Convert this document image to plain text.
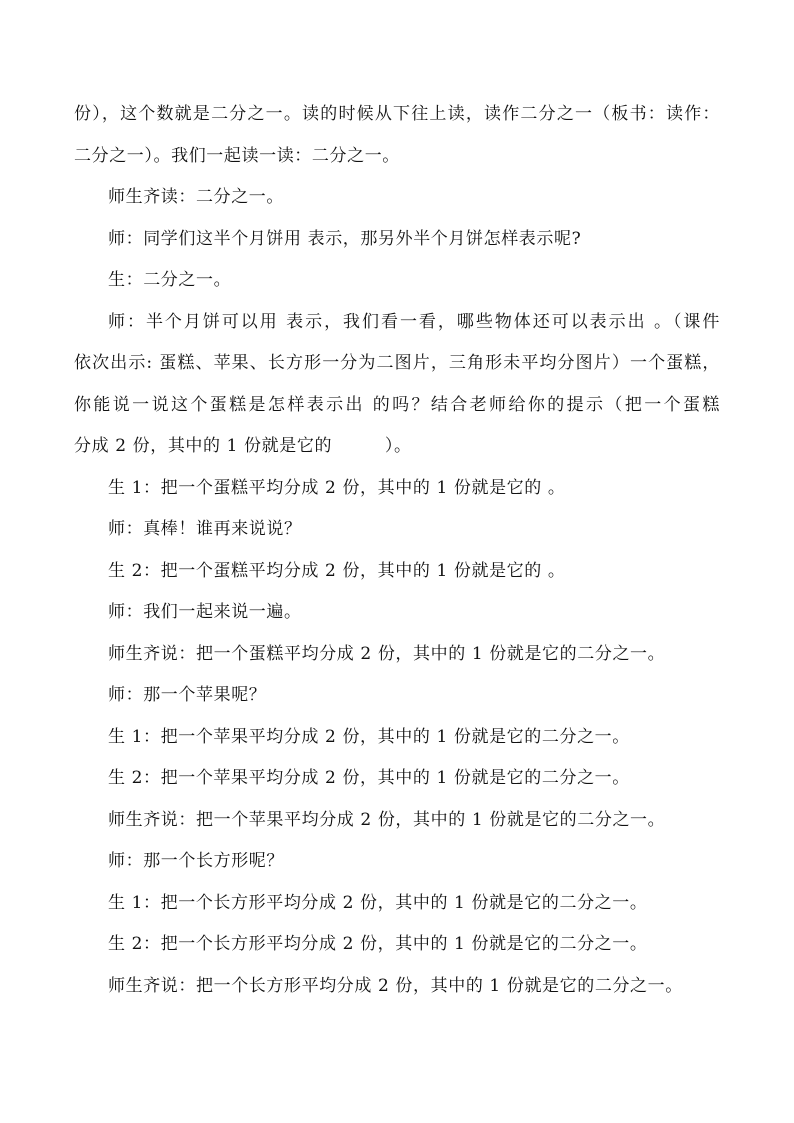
份），这个数就是二分之一。读的时候从下往上读，读作二分之一（板书：读作：
二分之一）。我们一起读一读：二分之一。
师生齐读：二分之一。
师：同学们这半个月饼用 表示，那另外半个月饼怎样表示呢?
生：二分之一。
师：半个月饼可以用 表示，我们看一看，哪些物体还可以表示出 。（课件
依次出示: 蛋糕、苹果、长方形一分为二图片，三角形未平均分图片）一个蛋糕，
你能说一说这个蛋糕是怎样表示出 的吗？结合老师给你的提示（把一个蛋糕
分成 2 份，其中的 1 份就是它的　　　）。
生 1：把一个蛋糕平均分成 2 份，其中的 1 份就是它的 。
师：真棒！谁再来说说？
生 2：把一个蛋糕平均分成 2 份，其中的 1 份就是它的 。
师：我们一起来说一遍。
师生齐说：把一个蛋糕平均分成 2 份，其中的 1 份就是它的二分之一。
师：那一个苹果呢？
生 1：把一个苹果平均分成 2 份，其中的 1 份就是它的二分之一。
生 2：把一个苹果平均分成 2 份，其中的 1 份就是它的二分之一。
师生齐说：把一个苹果平均分成 2 份，其中的 1 份就是它的二分之一。
师：那一个长方形呢？
生 1：把一个长方形平均分成 2 份，其中的 1 份就是它的二分之一。
生 2：把一个长方形平均分成 2 份，其中的 1 份就是它的二分之一。
师生齐说：把一个长方形平均分成 2 份，其中的 1 份就是它的二分之一。
